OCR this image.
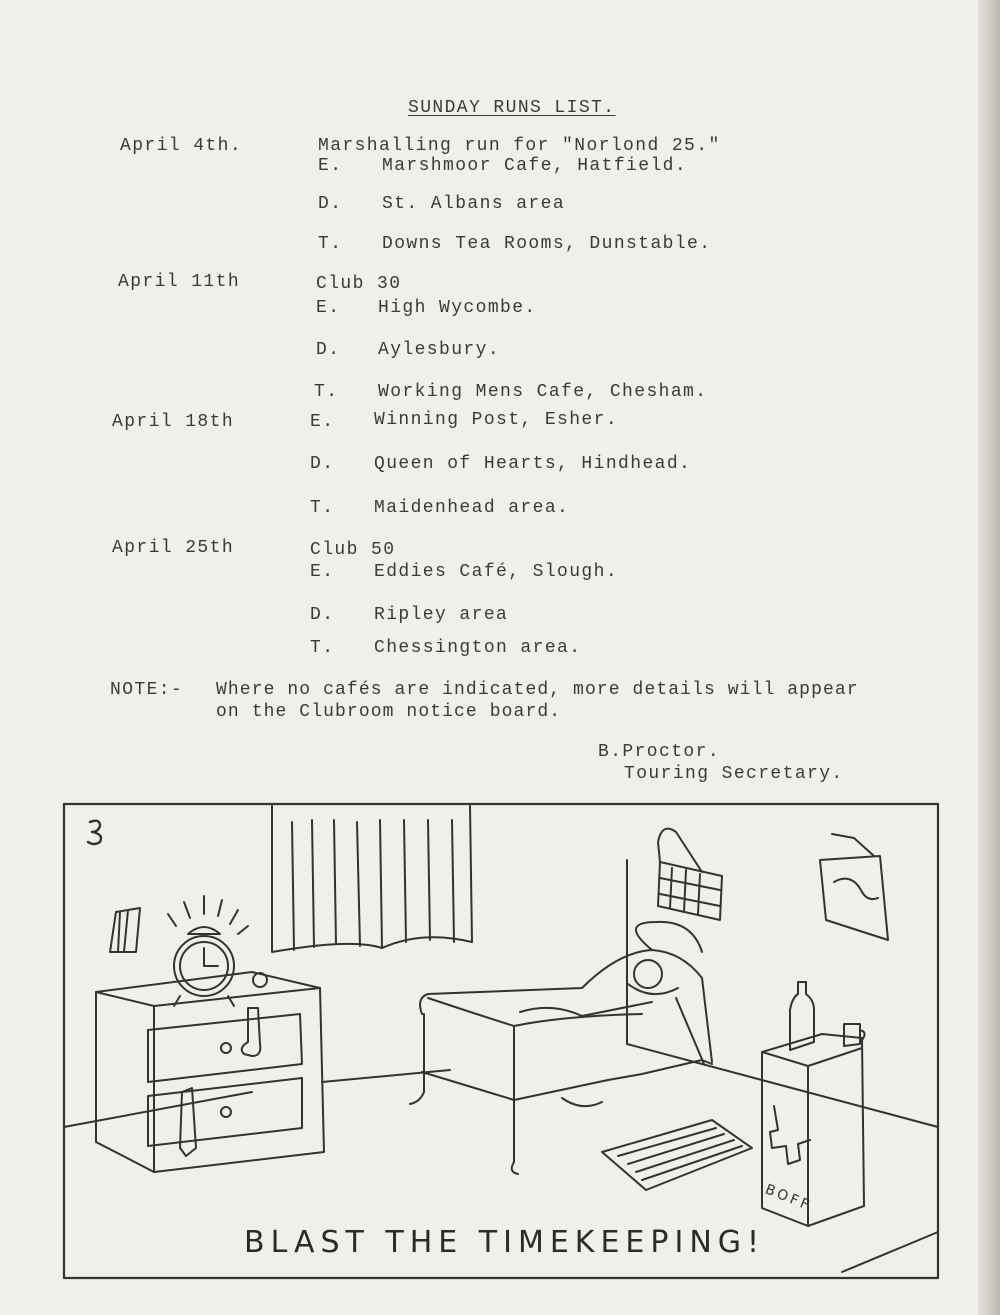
SUNDAY RUNS LIST.
April 4th.	Marshalling run for "Norlond 25."
E. Marshmoor Cafe, Hatfield.
D. St. Albans area
T. Downs Tea Rooms, Dunstable.
April 11th	Club 30
E. High Wycombe.
D. Aylesbury.
T. Working Mens Cafe, Chesham.
April 18th	E. Winning Post, Esher.
D. Queen of Hearts, Hindhead.
T. Maidenhead area.
April 25th	Club 50
E. Eddies Café, Slough.
D. Ripley area
T. Chessington area.
NOTE:- Where no cafés are indicated, more details will appear
on the Clubroom notice board.
B.Proctor.
Touring Secretary.
BLAST THE TIMEKEEPING!
BOFF
